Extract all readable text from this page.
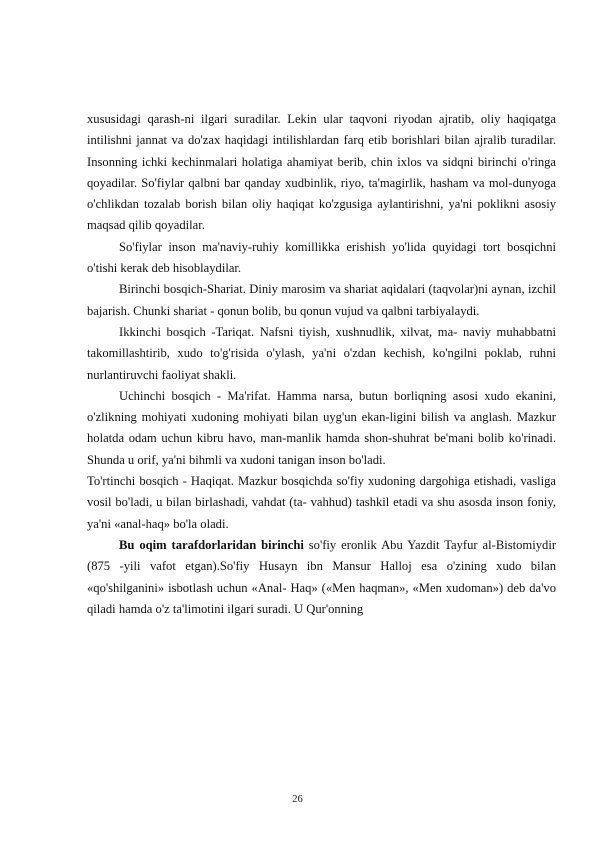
xususidagi qarash-ni ilgari suradilar. Lekin ular taqvoni riyodan ajratib, oliy haqiqatga intilishni jannat va do'zax haqidagi intilishlardan farq etib borishlari bilan ajralib turadilar. Insonning ichki kechinmalari holatiga ahamiyat berib, chin ixlos va sidqni birinchi o'ringa qoyadilar. So'fiylar qalbni bar qanday xudbinlik, riyo, ta'magirlik, hasham va mol-dunyoga o'chlikdan tozalab borish bilan oliy haqiqat ko'zgusiga aylantirishni, ya'ni poklikni asosiy maqsad qilib qoyadilar.

So'fiylar inson ma'naviy-ruhiy komillikka erishish yo'lida quyidagi tort bosqichni o'tishi kerak deb hisoblaydilar.

Birinchi bosqich-Shariat. Diniy marosim va shariat aqidalari (taqvolar)ni aynan, izchil bajarish. Chunki shariat - qonun bolib, bu qonun vujud va qalbni tarbiyalaydi.

Ikkinchi bosqich -Tariqat. Nafsni tiyish, xushnudlik, xilvat, ma- naviy muhabbatni takomillashtirib, xudo to'g'risida o'ylash, ya'ni o'zdan kechish, ko'ngilni poklab, ruhni nurlantiruvchi faoliyat shakli.

Uchinchi bosqich - Ma'rifat. Hamma narsa, butun borliqning asosi xudo ekanini, o'zlikning mohiyati xudoning mohiyati bilan uyg'un ekan-ligini bilish va anglash. Mazkur holatda odam uchun kibru havo, man-manlik hamda shon-shuhrat be'mani bolib ko'rinadi. Shunda u orif, ya'ni bihmli va xudoni tanigan inson bo'ladi.

To'rtinchi bosqich - Haqiqat. Mazkur bosqichda so'fiy xudoning dargohiga etishadi, vasliga vosil bo'ladi, u bilan birlashadi, vahdat (ta- vahhud) tashkil etadi va shu asosda inson foniy, ya'ni «anal-haq» bo'la oladi.

Bu oqim tarafdorlaridan birinchi so'fiy eronlik Abu Yazdit Tayfur al-Bistomiydir (875 -yili vafot etgan).So'fiy Husayn ibn Mansur Halloj esa o'zining xudo bilan «qo'shilganini» isbotlash uchun «Anal- Haq» («Men haqman», «Men xudoman») deb da'vo qiladi hamda o'z ta'limotini ilgari suradi. U Qur'onning

26
